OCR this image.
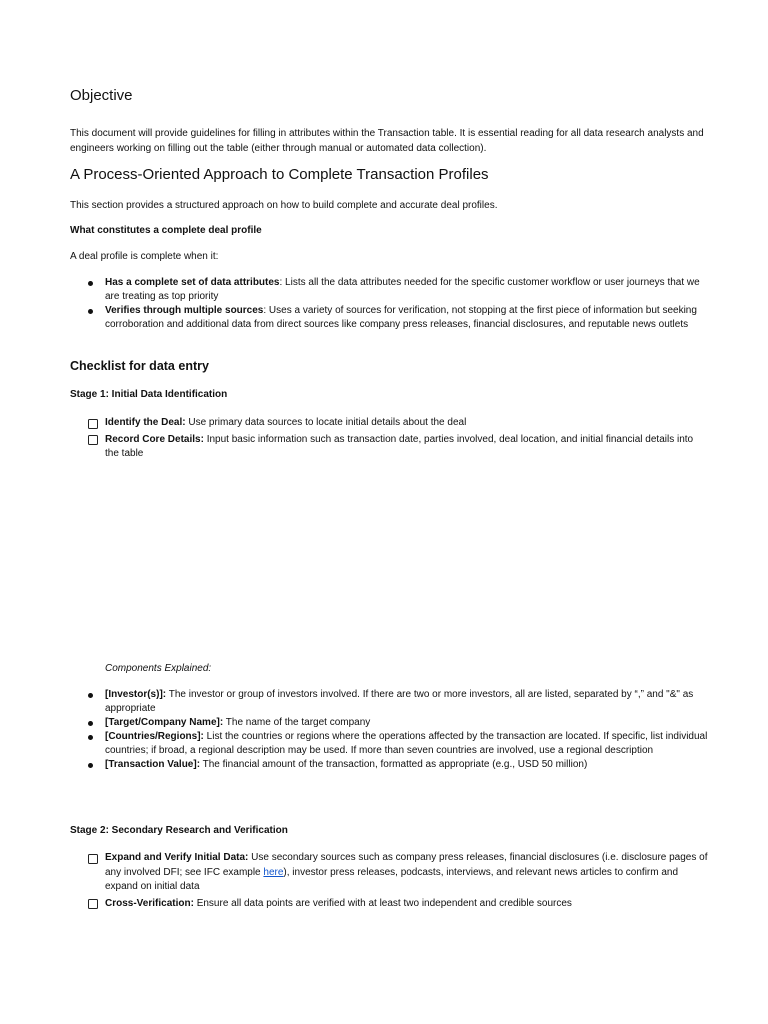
Objective

This document will provide guidelines for filling in attributes within the Transaction table. It is essential reading for all data research analysts and engineers working on filling out the table (either through manual or automated data collection).

A Process-Oriented Approach to Complete Transaction Profiles

This section provides a structured approach on how to build complete and accurate deal profiles.

What constitutes a complete deal profile

A deal profile is complete when it:

Has a complete set of data attributes: Lists all the data attributes needed for the specific customer workflow or user journeys that we are treating as top priority
Verifies through multiple sources: Uses a variety of sources for verification, not stopping at the first piece of information but seeking corroboration and additional data from direct sources like company press releases, financial disclosures, and reputable news outlets
Checklist for data entry

Stage 1: Initial Data Identification

Identify the Deal: Use primary data sources to locate initial details about the deal
Record Core Details: Input basic information such as transaction date, parties involved, deal location, and initial financial details into the table

Components Explained:

[Investor(s)]: The investor or group of investors involved. If there are two or more investors, all are listed, separated by “,” and "&" as appropriate
[Target/Company Name]: The name of the target company
[Countries/Regions]: List the countries or regions where the operations affected by the transaction are located. If specific, list individual countries; if broad, a regional description may be used. If more than seven countries are involved, use a regional description
[Transaction Value]: The financial amount of the transaction, formatted as appropriate (e.g., USD 50 million)

Stage 2: Secondary Research and Verification

Expand and Verify Initial Data: Use secondary sources such as company press releases, financial disclosures (i.e. disclosure pages of any involved DFI; see IFC example here), investor press releases, podcasts, interviews, and relevant news articles to confirm and expand on initial data
Cross-Verification: Ensure all data points are verified with at least two independent and credible sources
